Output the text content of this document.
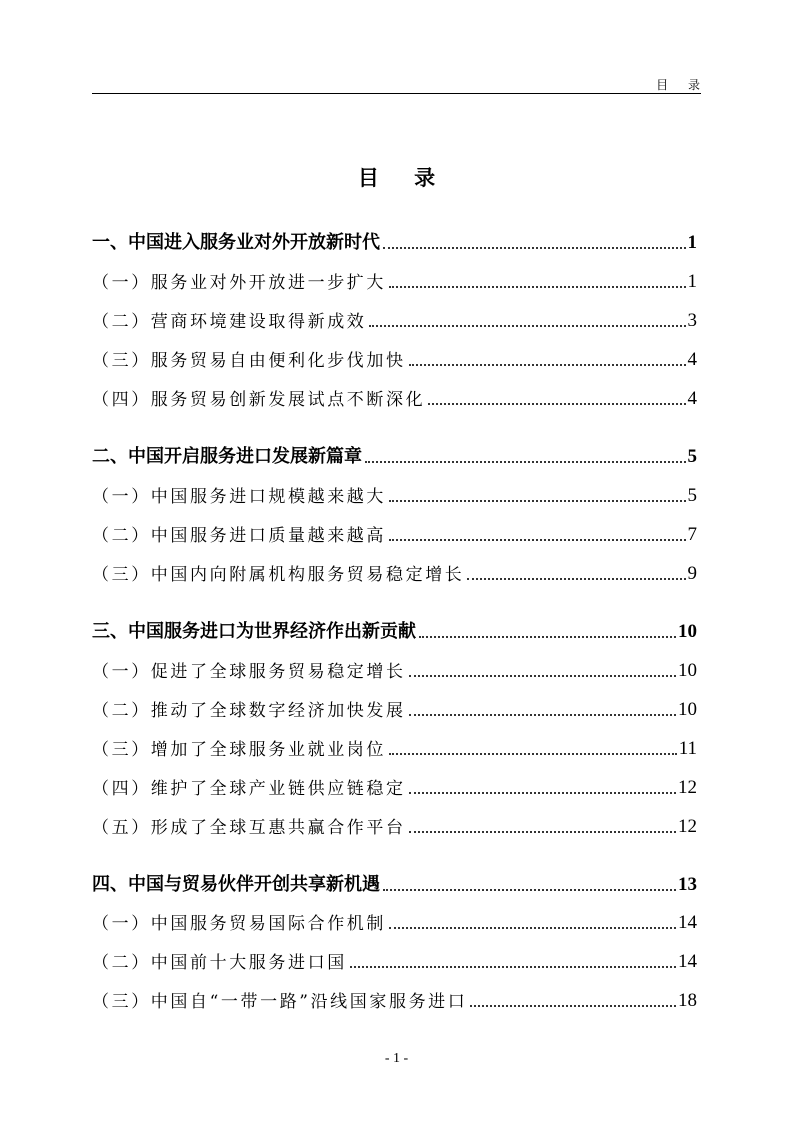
目 录
目 录
一、中国进入服务业对外开放新时代	1
（一）服务业对外开放进一步扩大	1
（二）营商环境建设取得新成效	3
（三）服务贸易自由便利化步伐加快	4
（四）服务贸易创新发展试点不断深化	4
二、中国开启服务进口发展新篇章	5
（一）中国服务进口规模越来越大	5
（二）中国服务进口质量越来越高	7
（三）中国内向附属机构服务贸易稳定增长	9
三、中国服务进口为世界经济作出新贡献	10
（一）促进了全球服务贸易稳定增长	10
（二）推动了全球数字经济加快发展	10
（三）增加了全球服务业就业岗位	11
（四）维护了全球产业链供应链稳定	12
（五）形成了全球互惠共赢合作平台	12
四、中国与贸易伙伴开创共享新机遇	13
（一）中国服务贸易国际合作机制	14
（二）中国前十大服务进口国	14
（三）中国自“一带一路”沿线国家服务进口	18
- 1 -
